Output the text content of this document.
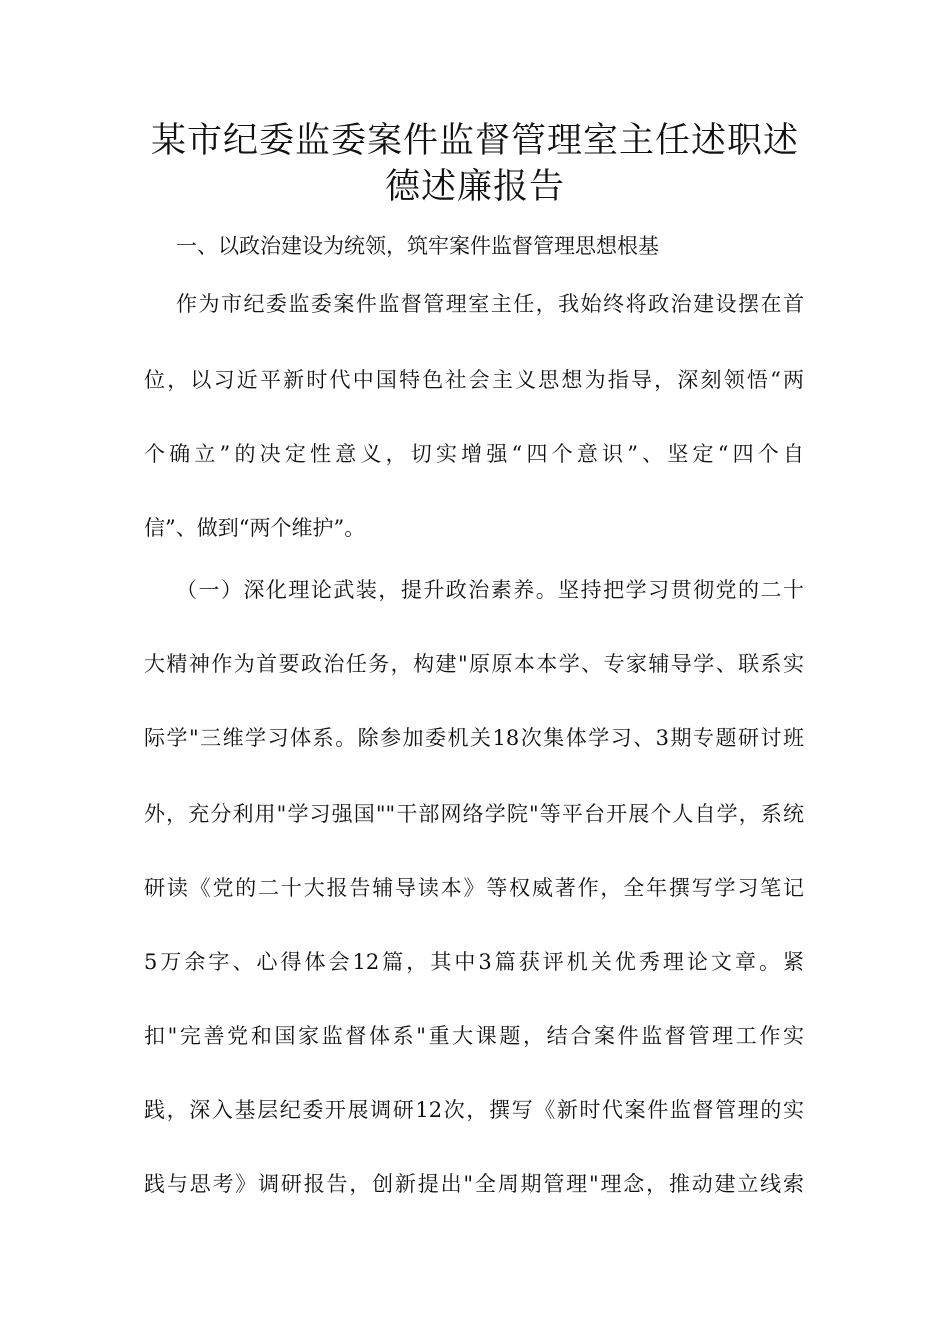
某市纪委监委案件监督管理室主任述职述
德述廉报告

一、以政治建设为统领，筑牢案件监督管理思想根基

作为市纪委监委案件监督管理室主任，我始终将政治建设摆在首

位，以习近平新时代中国特色社会主义思想为指导，深刻领悟“两

个确立”的决定性意义，切实增强“四个意识”、坚定“四个自

信”、做到“两个维护”。

（一）深化理论武装，提升政治素养。坚持把学习贯彻党的二十

大精神作为首要政治任务，构建"原原本本学、专家辅导学、联系实

际学"三维学习体系。除参加委机关18次集体学习、3期专题研讨班

外，充分利用"学习强国""干部网络学院"等平台开展个人自学，系统

研读《党的二十大报告辅导读本》等权威著作，全年撰写学习笔记

5万余字、心得体会12篇，其中3篇获评机关优秀理论文章。紧

扣"完善党和国家监督体系"重大课题，结合案件监督管理工作实

践，深入基层纪委开展调研12次，撰写《新时代案件监督管理的实

践与思考》调研报告，创新提出"全周期管理"理念，推动建立线索
